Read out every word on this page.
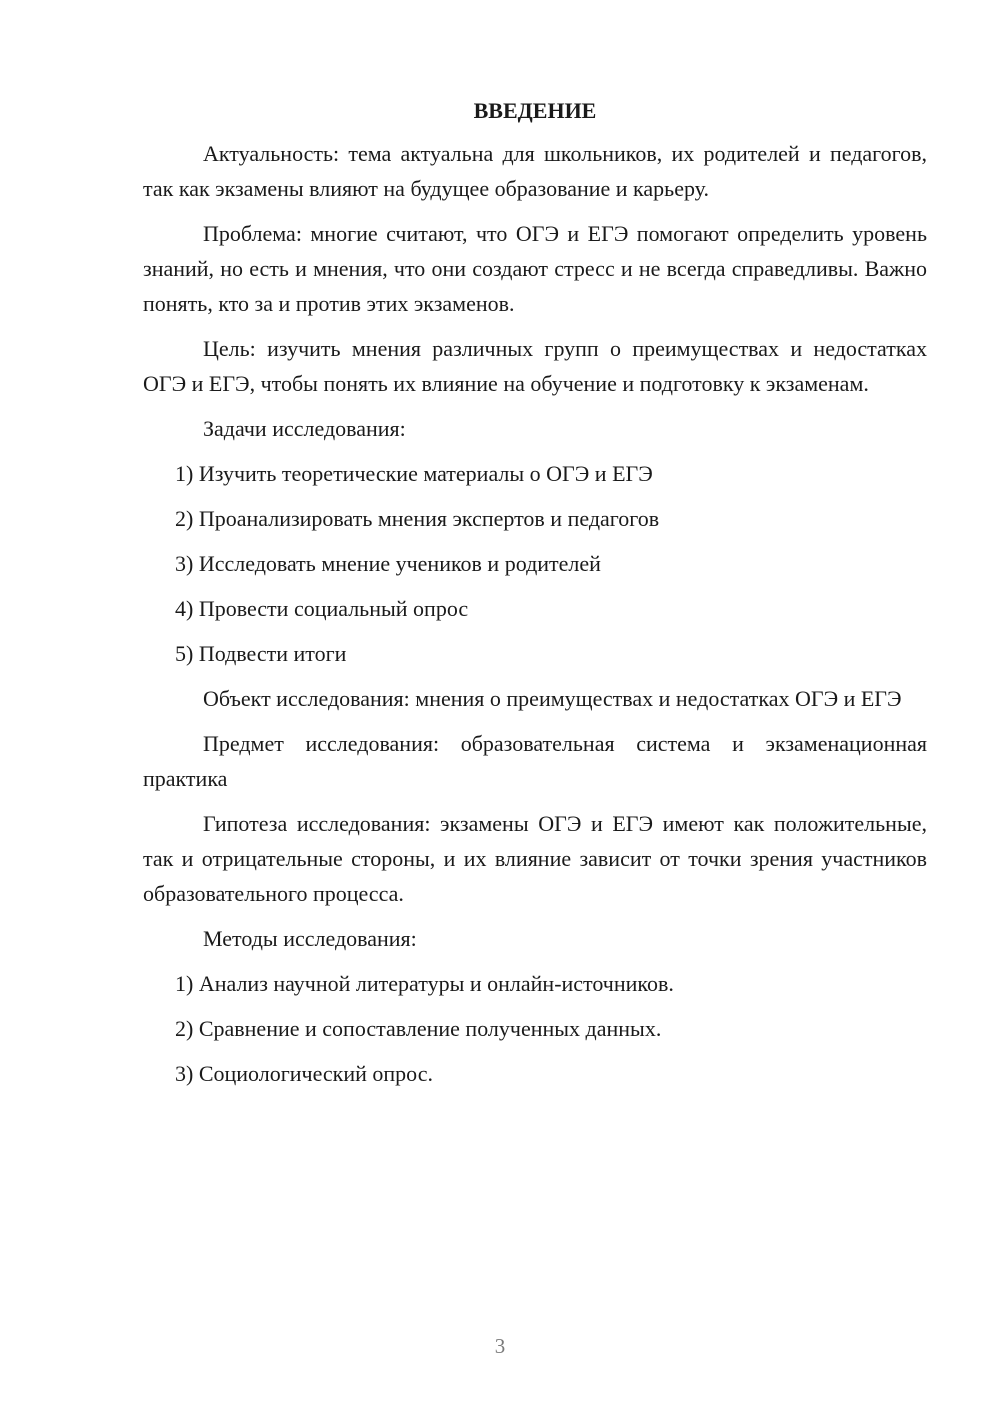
ВВЕДЕНИЕ

Актуальность: тема актуальна для школьников, их родителей и педагогов, так как экзамены влияют на будущее образование и карьеру.

Проблема: многие считают, что ОГЭ и ЕГЭ помогают определить уровень знаний, но есть и мнения, что они создают стресс и не всегда справедливы. Важно понять, кто за и против этих экзаменов.

Цель: изучить мнения различных групп о преимуществах и недостатках ОГЭ и ЕГЭ, чтобы понять их влияние на обучение и подготовку к экзаменам.

Задачи исследования:

1) Изучить теоретические материалы о ОГЭ и ЕГЭ
2) Проанализировать мнения экспертов и педагогов
3) Исследовать мнение учеников и родителей
4) Провести социальный опрос
5) Подвести итоги

Объект исследования: мнения о преимуществах и недостатках ОГЭ и ЕГЭ

Предмет исследования: образовательная система и экзаменационная практика

Гипотеза исследования: экзамены ОГЭ и ЕГЭ имеют как положительные, так и отрицательные стороны, и их влияние зависит от точки зрения участников образовательного процесса.

Методы исследования:

1) Анализ научной литературы и онлайн-источников.
2) Сравнение и сопоставление полученных данных.
3) Социологический опрос.
3
